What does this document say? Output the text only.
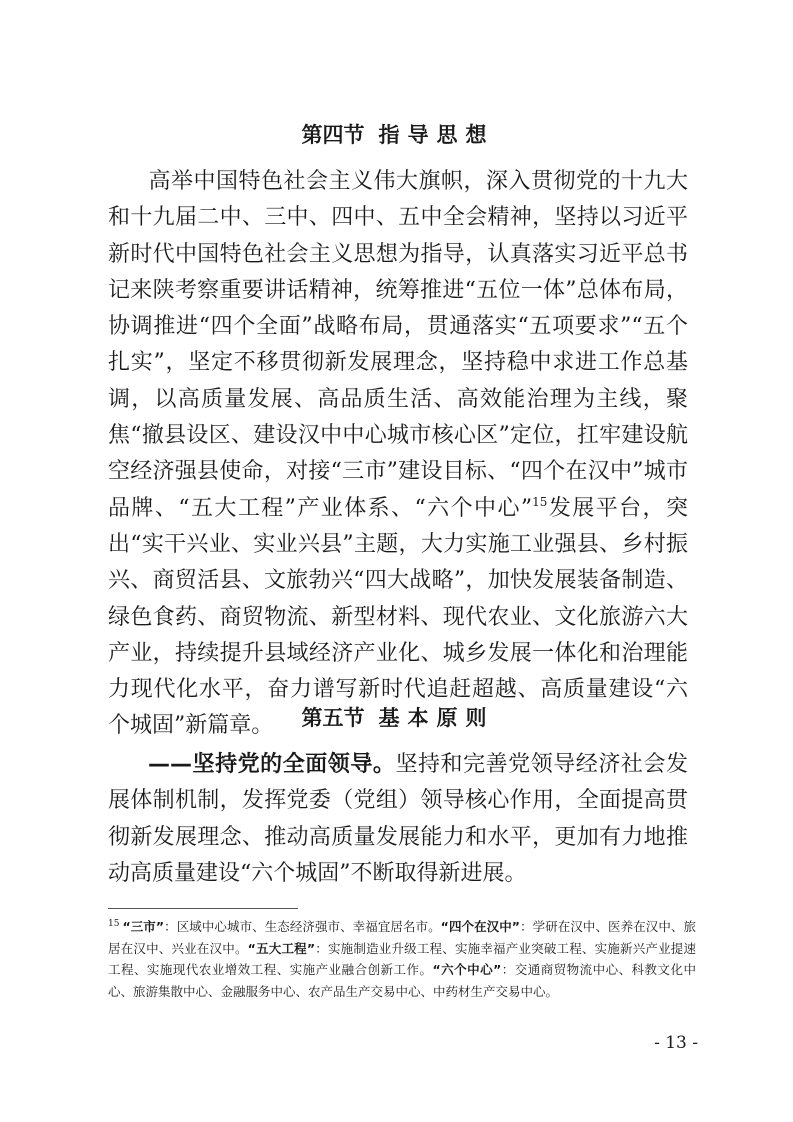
第四节 指导思想

高举中国特色社会主义伟大旗帜，深入贯彻党的十九大和十九届二中、三中、四中、五中全会精神，坚持以习近平新时代中国特色社会主义思想为指导，认真落实习近平总书记来陕考察重要讲话精神，统筹推进“五位一体”总体布局，协调推进“四个全面”战略布局，贯通落实“五项要求”“五个扎实”，坚定不移贯彻新发展理念，坚持稳中求进工作总基调，以高质量发展、高品质生活、高效能治理为主线，聚焦“撤县设区、建设汉中中心城市核心区”定位，扛牢建设航空经济强县使命，对接“三市”建设目标、“四个在汉中”城市品牌、“五大工程”产业体系、“六个中心”$^{15}$发展平台，突出“实干兴业、实业兴县”主题，大力实施工业强县、乡村振兴、商贸活县、文旅勃兴“四大战略”，加快发展装备制造、绿色食药、商贸物流、新型材料、现代农业、文化旅游六大产业，持续提升县域经济产业化、城乡发展一体化和治理能力现代化水平，奋力谱写新时代追赶超越、高质量建设“六个城固”新篇章。	第五节 基本原则

——坚持党的全面领导。坚持和完善党领导经济社会发展体制机制，发挥党委（党组）领导核心作用，全面提高贯彻新发展理念、推动高质量发展能力和水平，更加有力地推动高质量建设“六个城固”不断取得新进展。

$^{15}$ “三市”：区域中心城市、生态经济强市、幸福宜居名市。“四个在汉中”：学研在汉中、医养在汉中、旅居在汉中、兴业在汉中。“五大工程”：实施制造业升级工程、实施幸福产业突破工程、实施新兴产业提速工程、实施现代农业增效工程、实施产业融合创新工作。“六个中心”：交通商贸物流中心、科教文化中心、旅游集散中心、金融服务中心、农产品生产交易中心、中药材生产交易中心。

- 13 -
